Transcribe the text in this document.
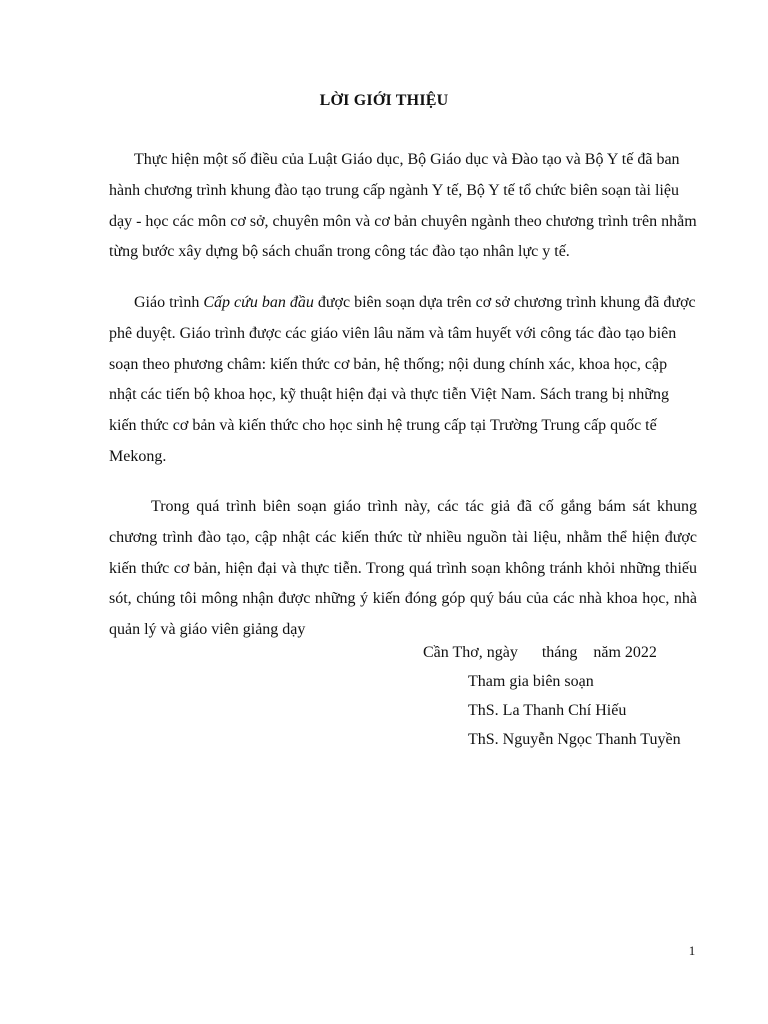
LỜI GIỚI THIỆU

Thực hiện một số điều của Luật Giáo dục, Bộ Giáo dục và Đào tạo và Bộ Y tế đã ban hành chương trình khung đào tạo trung cấp ngành Y tế, Bộ Y tế tổ chức biên soạn tài liệu dạy - học các môn cơ sở, chuyên môn và cơ bản chuyên ngành theo chương trình trên nhằm từng bước xây dựng bộ sách chuẩn trong công tác đào tạo nhân lực y tế.

Giáo trình Cấp cứu ban đầu được biên soạn dựa trên cơ sở chương trình khung đã được phê duyệt. Giáo trình được các giáo viên lâu năm và tâm huyết với công tác đào tạo biên soạn theo phương châm: kiến thức cơ bản, hệ thống; nội dung chính xác, khoa học, cập nhật các tiến bộ khoa học, kỹ thuật hiện đại và thực tiễn Việt Nam. Sách trang bị những kiến thức cơ bản và kiến thức cho học sinh hệ trung cấp tại Trường Trung cấp quốc tế Mekong.

Trong quá trình biên soạn giáo trình này, các tác giả đã cố gắng bám sát khung chương trình đào tạo, cập nhật các kiến thức từ nhiều nguồn tài liệu, nhằm thể hiện được kiến thức cơ bản, hiện đại và thực tiễn. Trong quá trình soạn không tránh khỏi những thiếu sót, chúng tôi mông nhận được những ý kiến đóng góp quý báu của các nhà khoa học, nhà quản lý và giáo viên giảng dạy

Cần Thơ, ngày      tháng    năm 2022
Tham gia biên soạn
ThS. La Thanh Chí Hiếu
ThS. Nguyễn Ngọc Thanh Tuyền
1
